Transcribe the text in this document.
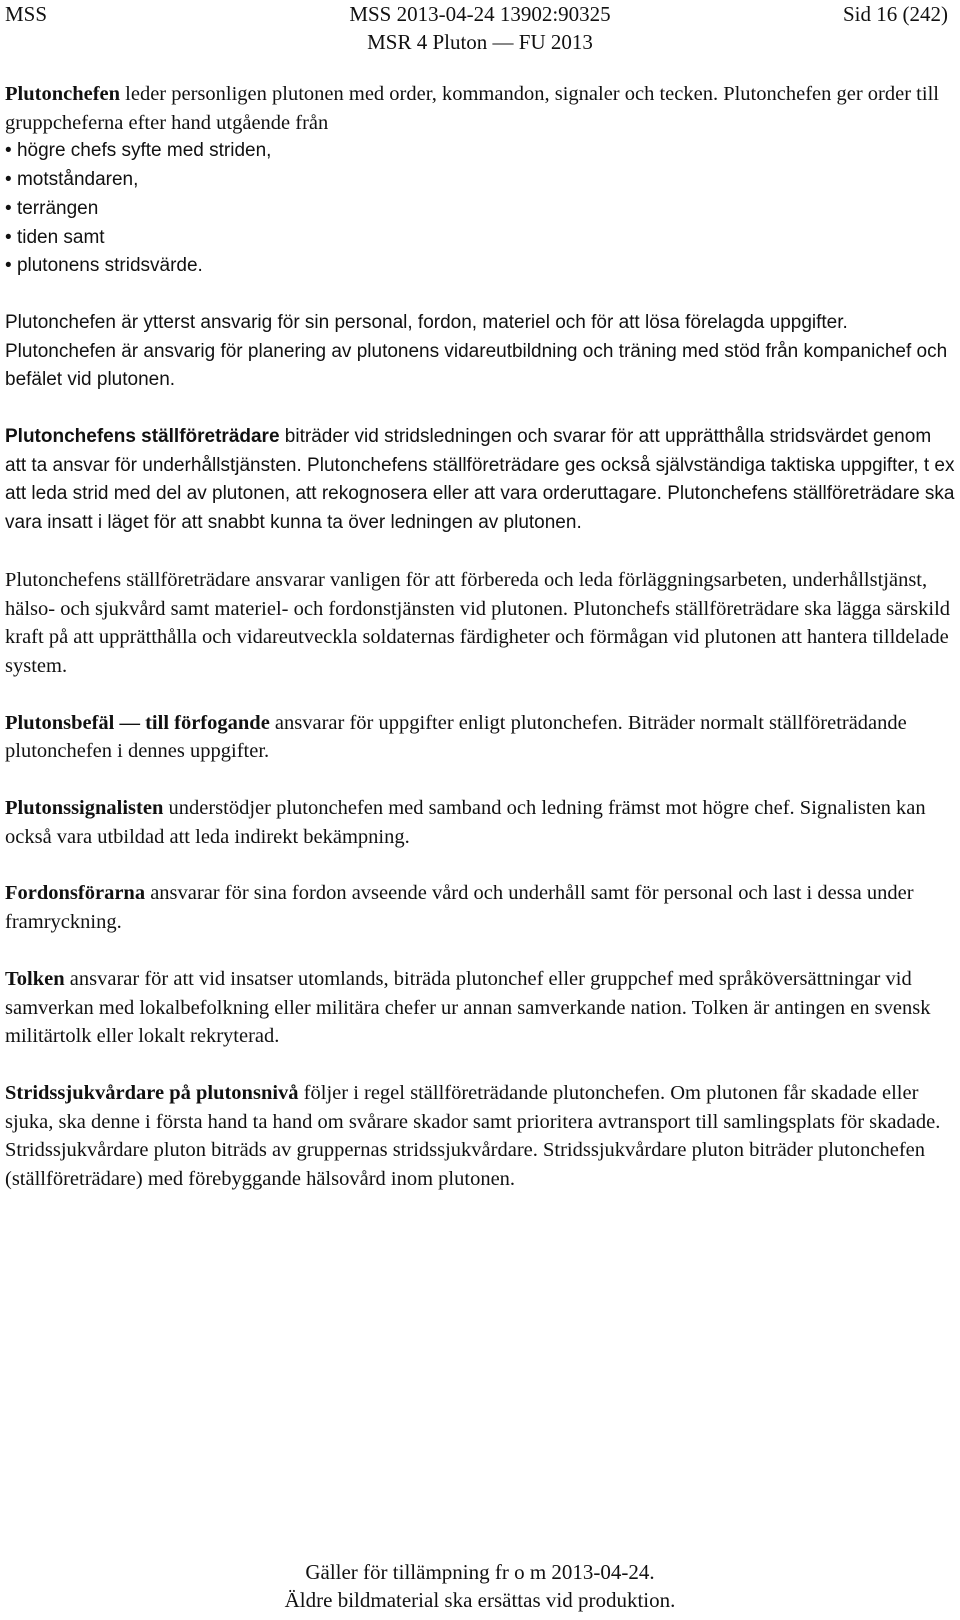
MSS	MSS 2013-04-24 13902:90325
MSR 4 Pluton — FU 2013
Sid 16 (242)

Plutonchefen leder personligen plutonen med order, kommandon, signaler och tecken. Plutonchefen ger order till gruppcheferna efter hand utgående från

• högre chefs syfte med striden,
• motståndaren,
• terrängen
• tiden samt
• plutonens stridsvärde.

Plutonchefen är ytterst ansvarig för sin personal, fordon, materiel och för att lösa förelagda uppgifter. Plutonchefen är ansvarig för planering av plutonens vidareutbildning och träning med stöd från kompanichef och befälet vid plutonen.

Plutonchefens ställföreträdare biträder vid stridsledningen och svarar för att upprätthålla stridsvärdet genom att ta ansvar för underhållstjänsten. Plutonchefens ställföreträdare ges också självständiga taktiska uppgifter, t ex att leda strid med del av plutonen, att rekognosera eller att vara orderuttagare. Plutonchefens ställföreträdare ska vara insatt i läget för att snabbt kunna ta över ledningen av plutonen.

Plutonchefens ställföreträdare ansvarar vanligen för att förbereda och leda förläggningsarbeten, underhållstjänst, hälso- och sjukvård samt materiel- och fordonstjänsten vid plutonen. Plutonchefs ställföreträdare ska lägga särskild kraft på att upprätthålla och vidareutveckla soldaternas färdigheter och förmågan vid plutonen att hantera tilldelade system.

Plutonsbefäl — till förfogande ansvarar för uppgifter enligt plutonchefen. Biträder normalt ställföreträdande plutonchefen i dennes uppgifter.

Plutonssignalisten understödjer plutonchefen med samband och ledning främst mot högre chef. Signalisten kan också vara utbildad att leda indirekt bekämpning.

Fordonsförarna ansvarar för sina fordon avseende vård och underhåll samt för personal och last i dessa under framryckning.

Tolken ansvarar för att vid insatser utomlands, biträda plutonchef eller gruppchef med språköversättningar vid samverkan med lokalbefolkning eller militära chefer ur annan samverkande nation. Tolken är antingen en svensk militärtolk eller lokalt rekryterad.

Stridssjukvårdare på plutonsnivå följer i regel ställföreträdande plutonchefen. Om plutonen får skadade eller sjuka, ska denne i första hand ta hand om svårare skador samt prioritera avtransport till samlingsplats för skadade. Stridssjukvårdare pluton biträds av gruppernas stridssjukvårdare. Stridssjukvårdare pluton biträder plutonchefen (ställföreträdare) med förebyggande hälsovård inom plutonen.

Gäller för tillämpning fr o m 2013-04-24.
Äldre bildmaterial ska ersättas vid produktion.
